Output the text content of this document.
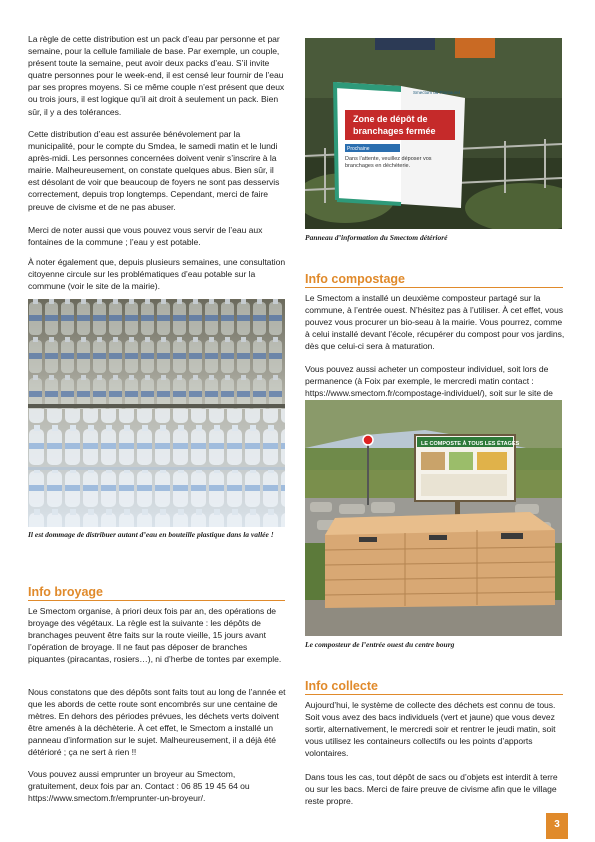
La règle de cette distribution est un pack d’eau par personne et par semaine, pour la cellule familiale de base. Par exemple, un couple, présent toute la semaine, peut avoir deux packs d’eau. S’il invite quatre personnes pour le week-end, il est censé leur fournir de l’eau par ses propres moyens. Si ce même couple n’est présent que deux ou trois jours, il est logique qu’il ait droit à seulement un pack. Bien sûr, il y a des tolérances.

Cette distribution d’eau est assurée bénévolement par la municipalité, pour le compte du Smdea, le samedi matin et le lundi après-midi. Les personnes concernées doivent venir s’inscrire à la mairie. Malheureusement, on constate quelques abus. Bien sûr, il est désolant de voir que beaucoup de foyers ne sont pas desservis correctement, depuis trop longtemps. Cependant, merci de faire preuve de civisme et de ne pas abuser.

Merci de noter aussi que vous pouvez vous servir de l’eau aux fontaines de la commune ; l’eau y est potable.

À noter également que, depuis plusieurs semaines, une consultation citoyenne circule sur les problématiques d’eau potable sur la commune (voir le site de la mairie).

Il est dommage de distribuer autant d’eau en bouteille plastique dans la vallée !
Info broyage

Le Smectom organise, à priori deux fois par an, des opérations de broyage des végétaux. La règle est la suivante : les dépôts de branchages peuvent être faits sur la route vieille, 15 jours avant l’opération de broyage. Il ne faut pas déposer de branches piquantes (piracantas, rosiers…), ni d’herbe de tontes par exemple.

Nous constatons que des dépôts sont faits tout au long de l’année et que les abords de cette route sont encombrés sur une centaine de mètres. En dehors des périodes prévues, les déchets verts doivent être amenés à la déchèterie. À cet effet, le Smectom a installé un panneau d’information sur le sujet. Malheureusement, il a déjà été détérioré ; ça ne sert à rien !!

Vous pouvez aussi emprunter un broyeur au Smectom, gratuitement, deux fois par an. Contact : 06 85 19 45 64 ou https://www.smectom.fr/emprunter-un-broyeur/.

Zone de dépôt de
branchages fermée
Prochaine
Dans l’attente, veuillez déposer vos branchages en déchèterie.
Smectom du Plantaurel
Panneau d’information du Smectom détérioré
Info compostage

Le Smectom a installé un deuxième composteur partagé sur la commune, à l’entrée ouest. N’hésitez pas à l’utiliser. À cet effet, vous pouvez vous procurer un bio-seau à la mairie. Vous pourrez, comme à celui installé devant l’école, récupérer du compost pour vos jardins, dès que celui-ci sera à maturation.

Vous pouvez aussi acheter un composteur individuel, soit lors de permanence (à Foix par exemple, le mercredi matin contact : https://www.smectom.fr/compostage-individuel/), soit sur le site de

LE COMPOSTE À TOUS LES ÉTAGES
Le composteur de l’entrée ouest du centre bourg
Info collecte

Aujourd’hui, le système de collecte des déchets est connu de tous. Soit vous avez des bacs individuels (vert et jaune) que vous devez sortir, alternativement, le mercredi soir et rentrer le jeudi matin, soit vous utilisez les containeurs collectifs ou les points d’apports volontaires.

Dans tous les cas, tout dépôt de sacs ou d’objets est interdit à terre ou sur les bacs. Merci de faire preuve de civisme afin que le village reste propre.

3
